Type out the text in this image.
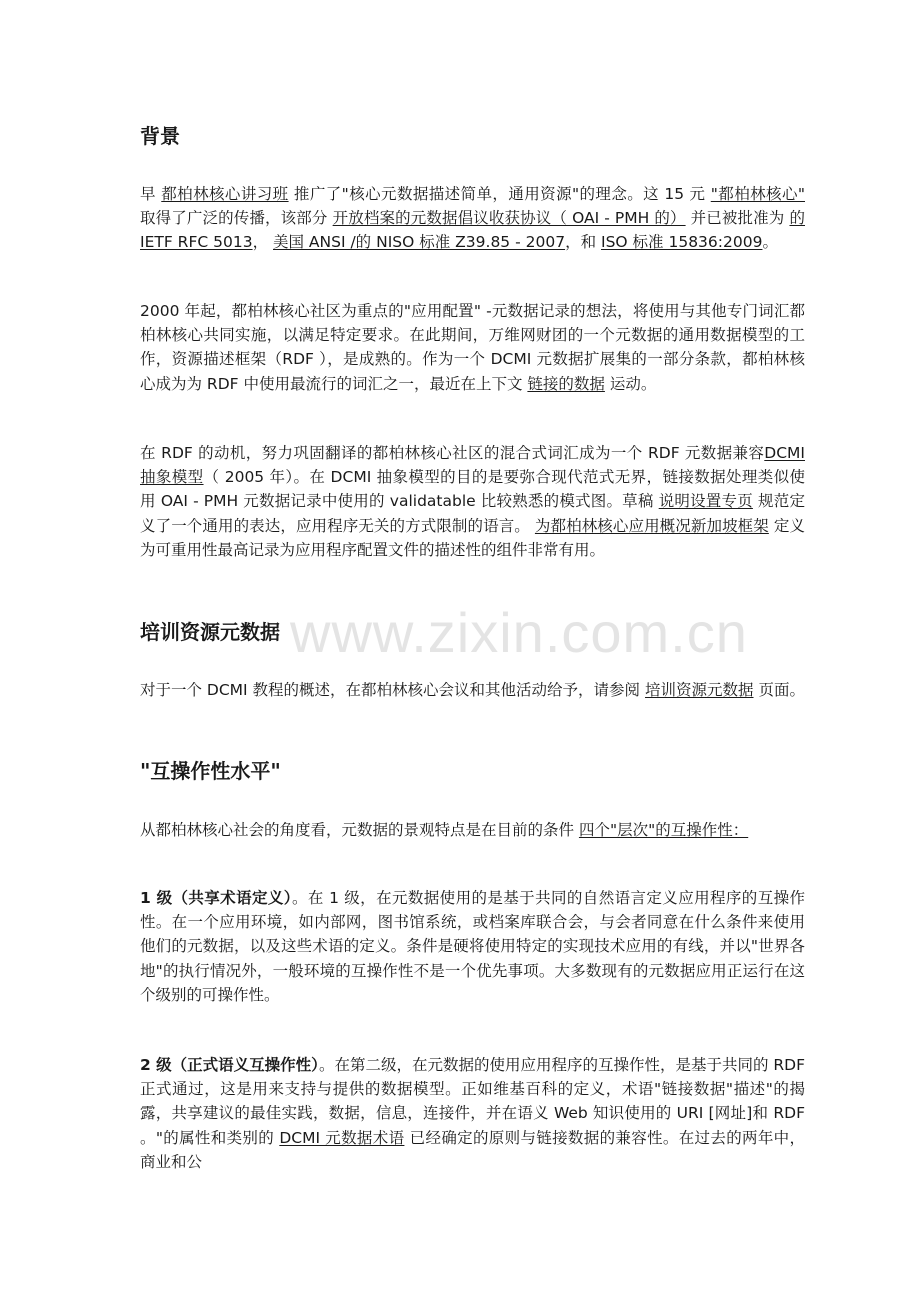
www.zixin.com.cn
背景

早 都柏林核心讲习班 推广了"核心元数据描述简单，通用资源"的理念。这 15 元 "都柏林核心" 取得了广泛的传播，该部分 开放档案的元数据倡议收获协议（ OAI - PMH 的） 并已被批准为 的 IETF RFC 5013， 美国 ANSI /的 NISO 标准 Z39.85 - 2007，和 ISO 标准 15836:2009。

2000 年起，都柏林核心社区为重点的"应用配置" -元数据记录的想法，将使用与其他专门词汇都柏林核心共同实施，以满足特定要求。在此期间，万维网财团的一个元数据的通用数据模型的工作，资源描述框架（RDF ），是成熟的。作为一个 DCMI 元数据扩展集的一部分条款，都柏林核心成为为 RDF 中使用最流行的词汇之一，最近在上下文 链接的数据 运动。

在 RDF 的动机，努力巩固翻译的都柏林核心社区的混合式词汇成为一个 RDF 元数据兼容DCMI 抽象模型（ 2005 年）。在 DCMI 抽象模型的目的是要弥合现代范式无界，链接数据处理类似使用 OAI - PMH 元数据记录中使用的 validatable 比较熟悉的模式图。草稿 说明设置专页 规范定义了一个通用的表达，应用程序无关的方式限制的语言。 为都柏林核心应用概况新加坡框架 定义为可重用性最高记录为应用程序配置文件的描述性的组件非常有用。

培训资源元数据

对于一个 DCMI 教程的概述，在都柏林核心会议和其他活动给予，请参阅 培训资源元数据 页面。

"互操作性水平"

从都柏林核心社会的角度看，元数据的景观特点是在目前的条件 四个"层次"的互操作性：

1 级（共享术语定义）。在 1 级，在元数据使用的是基于共同的自然语言定义应用程序的互操作性。在一个应用环境，如内部网，图书馆系统，或档案库联合会，与会者同意在什么条件来使用他们的元数据，以及这些术语的定义。条件是硬将使用特定的实现技术应用的有线，并以"世界各地"的执行情况外，一般环境的互操作性不是一个优先事项。大多数现有的元数据应用正运行在这个级别的可操作性。

2 级（正式语义互操作性）。在第二级，在元数据的使用应用程序的互操作性，是基于共同的 RDF 正式通过，这是用来支持与提供的数据模型。正如维基百科的定义，术语"链接数据"描述"的揭露，共享建议的最佳实践，数据，信息，连接件，并在语义 Web 知识使用的 URI [网址]和 RDF 。"的属性和类别的 DCMI 元数据术语 已经确定的原则与链接数据的兼容性。在过去的两年中，商业和公
